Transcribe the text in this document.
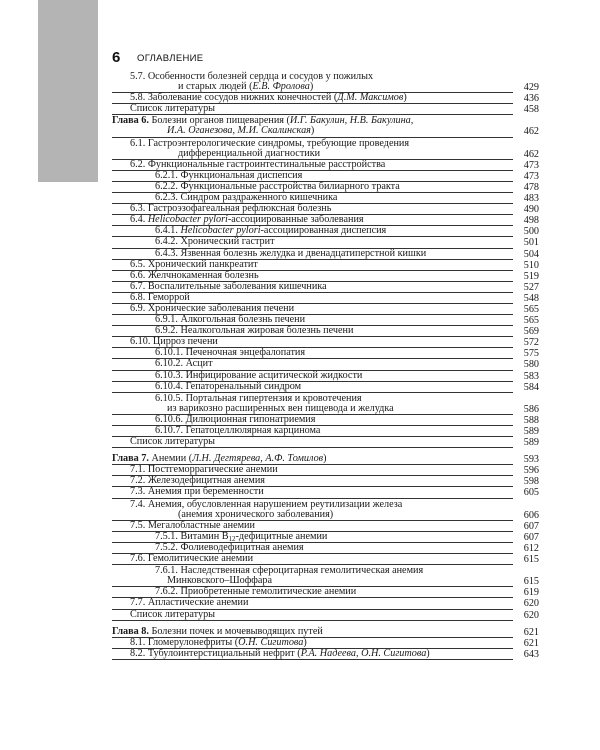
6 ОГЛАВЛЕНИЕ
5.7. Особенности болезней сердца и сосудов у пожилых
и старых людей (Е.В. Фролова)	429
5.8. Заболевание сосудов нижних конечностей (Д.М. Максимов)	436
Список литературы	458
Глава 6. Болезни органов пищеварения (И.Г. Бакулин, Н.В. Бакулина,
И.А. Оганезова, М.И. Скалинская)	462
6.1. Гастроэнтерологические синдромы, требующие проведения
дифференциальной диагностики	462
6.2. Функциональные гастроинтестинальные расстройства	473
6.2.1. Функциональная диспепсия	473
6.2.2. Функциональные расстройства билиарного тракта	478
6.2.3. Синдром раздраженного кишечника	483
6.3. Гастроэзофагеальная рефлюксная болезнь	490
6.4. Helicobacter pylori-ассоциированные заболевания	498
6.4.1. Helicobacter pylori-ассоциированная диспепсия	500
6.4.2. Хронический гастрит	501
6.4.3. Язвенная болезнь желудка и двенадцатиперстной кишки	504
6.5. Хронический панкреатит	510
6.6. Желчнокаменная болезнь	519
6.7. Воспалительные заболевания кишечника	527
6.8. Геморрой	548
6.9. Хронические заболевания печени	565
6.9.1. Алкогольная болезнь печени	565
6.9.2. Неалкогольная жировая болезнь печени	569
6.10. Цирроз печени	572
6.10.1. Печеночная энцефалопатия	575
6.10.2. Асцит	580
6.10.3. Инфицирование асцитической жидкости	583
6.10.4. Гепаторенальный синдром	584
6.10.5. Портальная гипертензия и кровотечения
из варикозно расширенных вен пищевода и желудка	586
6.10.6. Дилюционная гипонатриемия	588
6.10.7. Гепатоцеллюлярная карцинома	589
Список литературы	589
Глава 7. Анемии (Л.Н. Дегтярева, А.Ф. Томилов)	593
7.1. Постгеморрагические анемии	596
7.2. Железодефицитная анемия	598
7.3. Анемия при беременности	605
7.4. Анемия, обусловленная нарушением реутилизации железа
(анемия хронического заболевания)	606
7.5. Мегалобластные анемии	607
7.5.1. Витамин $B_{12}$-дефицитные анемии	607
7.5.2. Фолиеводефицитная анемия	612
7.6. Гемолитические анемии	615
7.6.1. Наследственная сфероцитарная гемолитическая анемия
Минковского–Шоффара	615
7.6.2. Приобретенные гемолитические анемии	619
7.7. Апластические анемии	620
Список литературы	620
Глава 8. Болезни почек и мочевыводящих путей	621
8.1. Гломерулонефриты (О.Н. Сигитова)	621
8.2. Тубулоинтерстициальный нефрит (Р.А. Надеева, О.Н. Сигитова)	643
